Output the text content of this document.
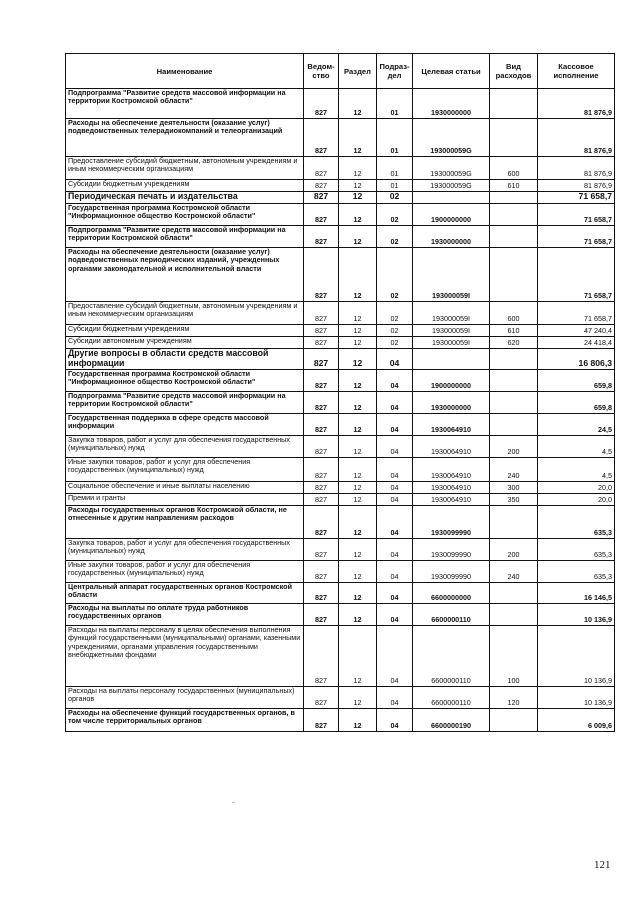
Наименование	Ведом-ство	Раздел	Подраз-дел	Целевая статьи	Вид расходов	Кассовое исполнение
Подпрограмма "Развитие средств массовой информации на территории Костромской области"	827	12	01	1930000000		81 876,9
Расходы на обеспечение деятельности (оказание услуг) подведомственных телерадиокомпаний и телеорганизаций	827	12	01	193000059G		81 876,9
Предоставление субсидий бюджетным, автономным учреждениям и иным некоммерческим организациям	827	12	01	193000059G	600	81 876,9
Субсидии бюджетным учреждениям	827	12	01	193000059G	610	81 876,9
Периодическая печать и издательства	827	12	02			71 658,7
Государственная программа Костромской области "Информационное общество Костромской области"	827	12	02	1900000000		71 658,7
Подпрограмма "Развитие средств массовой информации на территории Костромской области"	827	12	02	1930000000		71 658,7
Расходы на обеспечение деятельности (оказание услуг) подведомственных периодических изданий, учрежденных органами законодательной и исполнительной власти	827	12	02	193000059I		71 658,7
Предоставление субсидий бюджетным, автономным учреждениям и иным некоммерческим организациям	827	12	02	193000059I	600	71 658,7
Субсидии бюджетным учреждениям	827	12	02	193000059I	610	47 240,4
Субсидии автономным учреждениям	827	12	02	193000059I	620	24 418,4
Другие вопросы в области средств массовой информации	827	12	04			16 806,3
Государственная программа Костромской области "Информационное общество Костромской области"	827	12	04	1900000000		659,8
Подпрограмма "Развитие средств массовой информации на территории Костромской области"	827	12	04	1930000000		659,8
Государственная поддержка в сфере средств массовой информации	827	12	04	1930064910		24,5
Закупка товаров, работ и услуг для обеспечения государственных (муниципальных) нужд	827	12	04	1930064910	200	4,5
Иные закупки товаров, работ и услуг для обеспечения государственных (муниципальных) нужд	827	12	04	1930064910	240	4,5
Социальное обеспечение и иные выплаты населению	827	12	04	1930064910	300	20,0
Премии и гранты	827	12	04	1930064910	350	20,0
Расходы государственных органов Костромской области, не отнесенные к другим направлениям расходов	827	12	04	1930099990		635,3
Закупка товаров, работ и услуг для обеспечения государственных (муниципальных) нужд	827	12	04	1930099990	200	635,3
Иные закупки товаров, работ и услуг для обеспечения государственных (муниципальных) нужд	827	12	04	1930099990	240	635,3
Центральный аппарат государственных органов Костромской области	827	12	04	6600000000		16 146,5
Расходы на выплаты по оплате труда работников государственных органов	827	12	04	6600000110		10 136,9
Расходы на выплаты персоналу в целях обеспечения выполнения функций государственными (муниципальными) органами, казенными учреждениями, органами управления государственными внебюджетными фондами	827	12	04	6600000110	100	10 136,9
Расходы на выплаты персоналу государственных (муниципальных) органов	827	12	04	6600000110	120	10 136,9
Расходы на обеспечение функций государственных органов, в том числе территориальных органов	827	12	04	6600000190		6 009,6
-
121
